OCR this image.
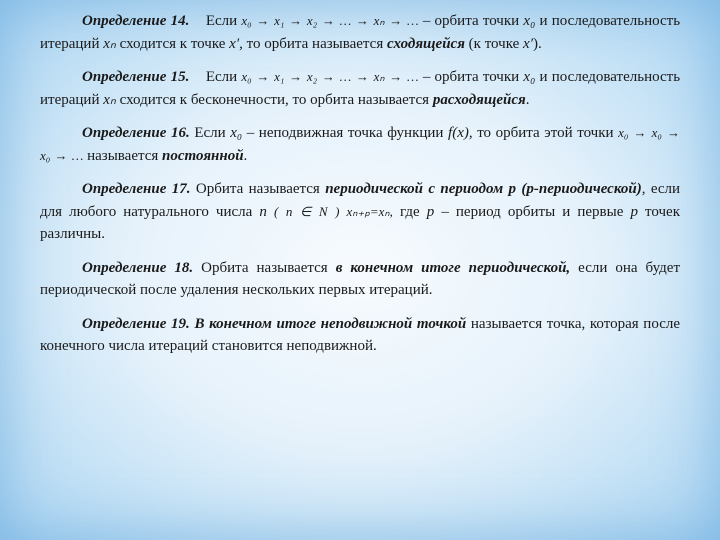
Определение 14. Если x₀ → x₁ → x₂ → … → xₙ → … – орбита точки x₀ и последовательность итераций xₙ сходится к точке x′, то орбита называется сходящейся (к точке x′).

Определение 15. Если x₀ → x₁ → x₂ → … → xₙ → … – орбита точки x₀ и последовательность итераций xₙ сходится к бесконечности, то орбита называется расходящейся.

Определение 16. Если x₀ – неподвижная точка функции f(x), то орбита этой точки x₀ → x₀ → x₀ → … называется постоянной.

Определение 17. Орбита называется периодической с периодом p (p-периодической), если для любого натурального числа n ( n ∈ N ) xₙ₊ₚ=xₙ, где p – период орбиты и первые p точек различны.

Определение 18. Орбита называется в конечном итоге периодической, если она будет периодической после удаления нескольких первых итераций.

Определение 19. В конечном итоге неподвижной точкой называется точка, которая после конечного числа итераций становится неподвижной.
